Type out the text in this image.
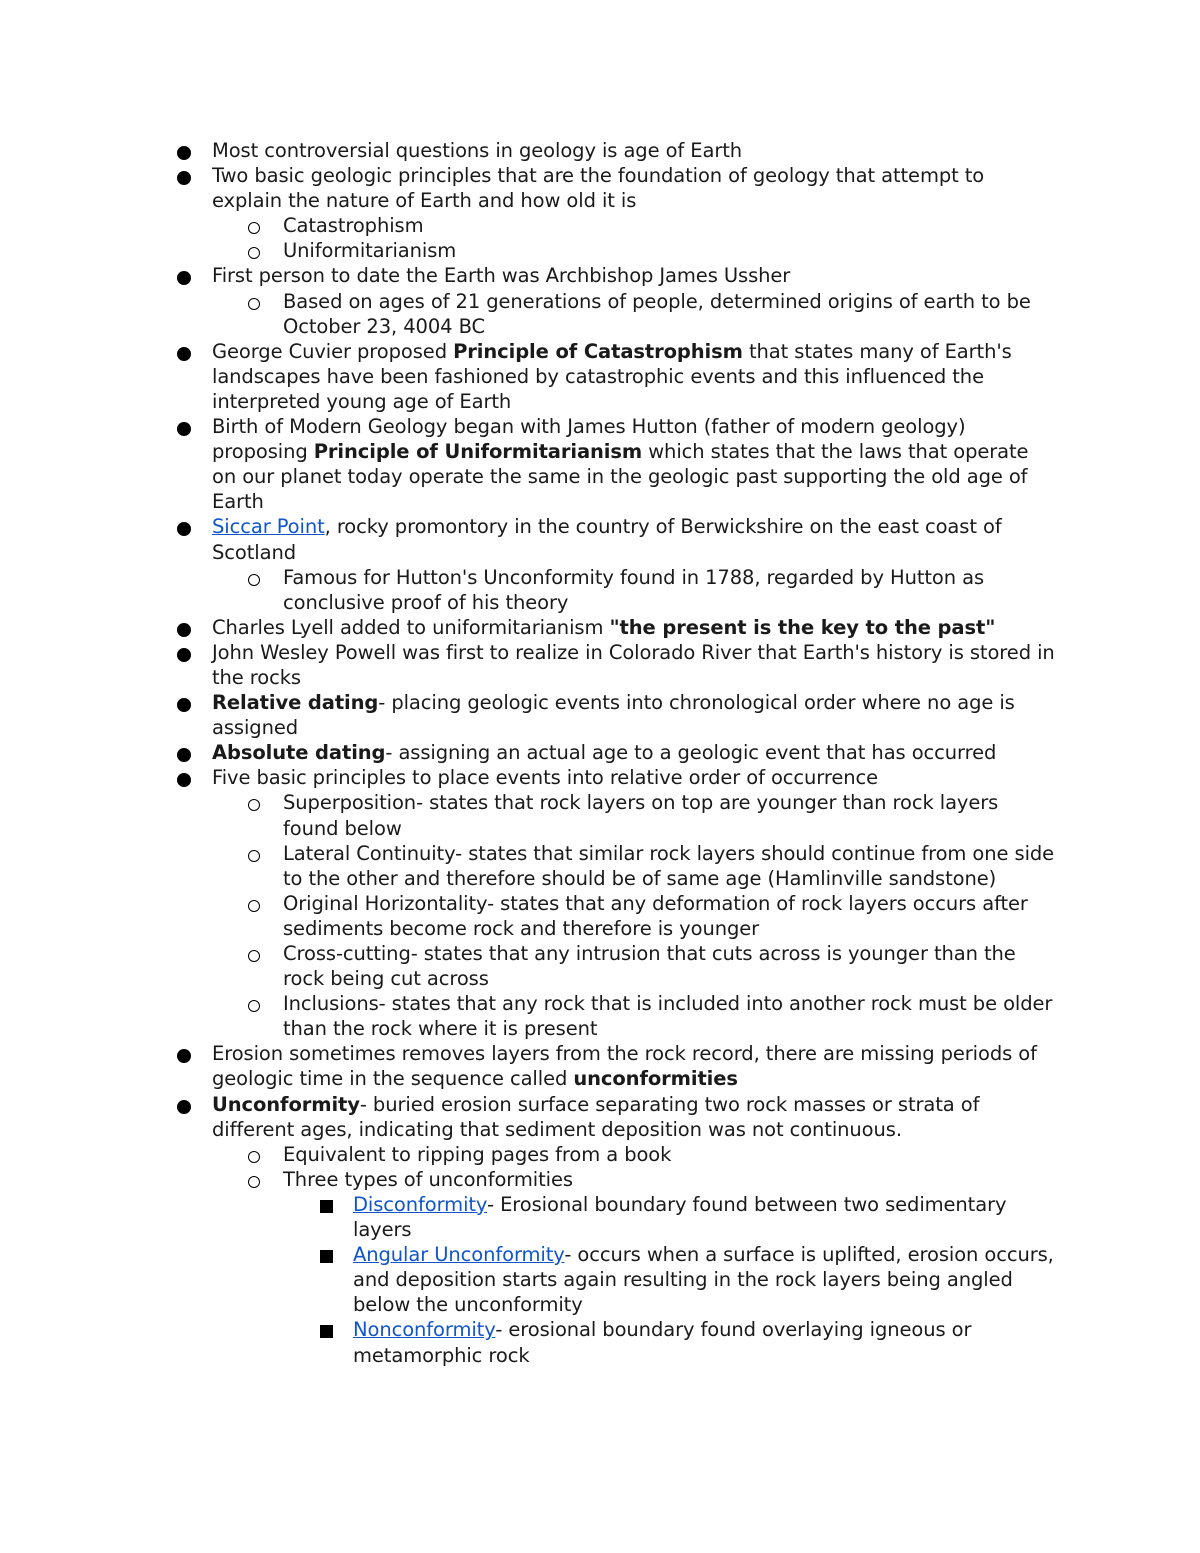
Most controversial questions in geology is age of Earth
Two basic geologic principles that are the foundation of geology that attempt to explain the nature of Earth and how old it is
Catastrophism
Uniformitarianism
First person to date the Earth was Archbishop James Ussher
Based on ages of 21 generations of people, determined origins of earth to be October 23, 4004 BC
George Cuvier proposed Principle of Catastrophism that states many of Earth's landscapes have been fashioned by catastrophic events and this influenced the interpreted young age of Earth
Birth of Modern Geology began with James Hutton (father of modern geology) proposing Principle of Uniformitarianism which states that the laws that operate on our planet today operate the same in the geologic past supporting the old age of Earth
Siccar Point, rocky promontory in the country of Berwickshire on the east coast of Scotland
Famous for Hutton's Unconformity found in 1788, regarded by Hutton as conclusive proof of his theory
Charles Lyell added to uniformitarianism "the present is the key to the past"
John Wesley Powell was first to realize in Colorado River that Earth's history is stored in the rocks
Relative dating- placing geologic events into chronological order where no age is assigned
Absolute dating- assigning an actual age to a geologic event that has occurred
Five basic principles to place events into relative order of occurrence
Superposition- states that rock layers on top are younger than rock layers found below
Lateral Continuity- states that similar rock layers should continue from one side to the other and therefore should be of same age (Hamlinville sandstone)
Original Horizontality- states that any deformation of rock layers occurs after sediments become rock and therefore is younger
Cross-cutting- states that any intrusion that cuts across is younger than the rock being cut across
Inclusions- states that any rock that is included into another rock must be older than the rock where it is present
Erosion sometimes removes layers from the rock record, there are missing periods of geologic time in the sequence called unconformities
Unconformity- buried erosion surface separating two rock masses or strata of different ages, indicating that sediment deposition was not continuous.
Equivalent to ripping pages from a book
Three types of unconformities
Disconformity- Erosional boundary found between two sedimentary layers
Angular Unconformity- occurs when a surface is uplifted, erosion occurs, and deposition starts again resulting in the rock layers being angled below the unconformity
Nonconformity- erosional boundary found overlaying igneous or metamorphic rock
